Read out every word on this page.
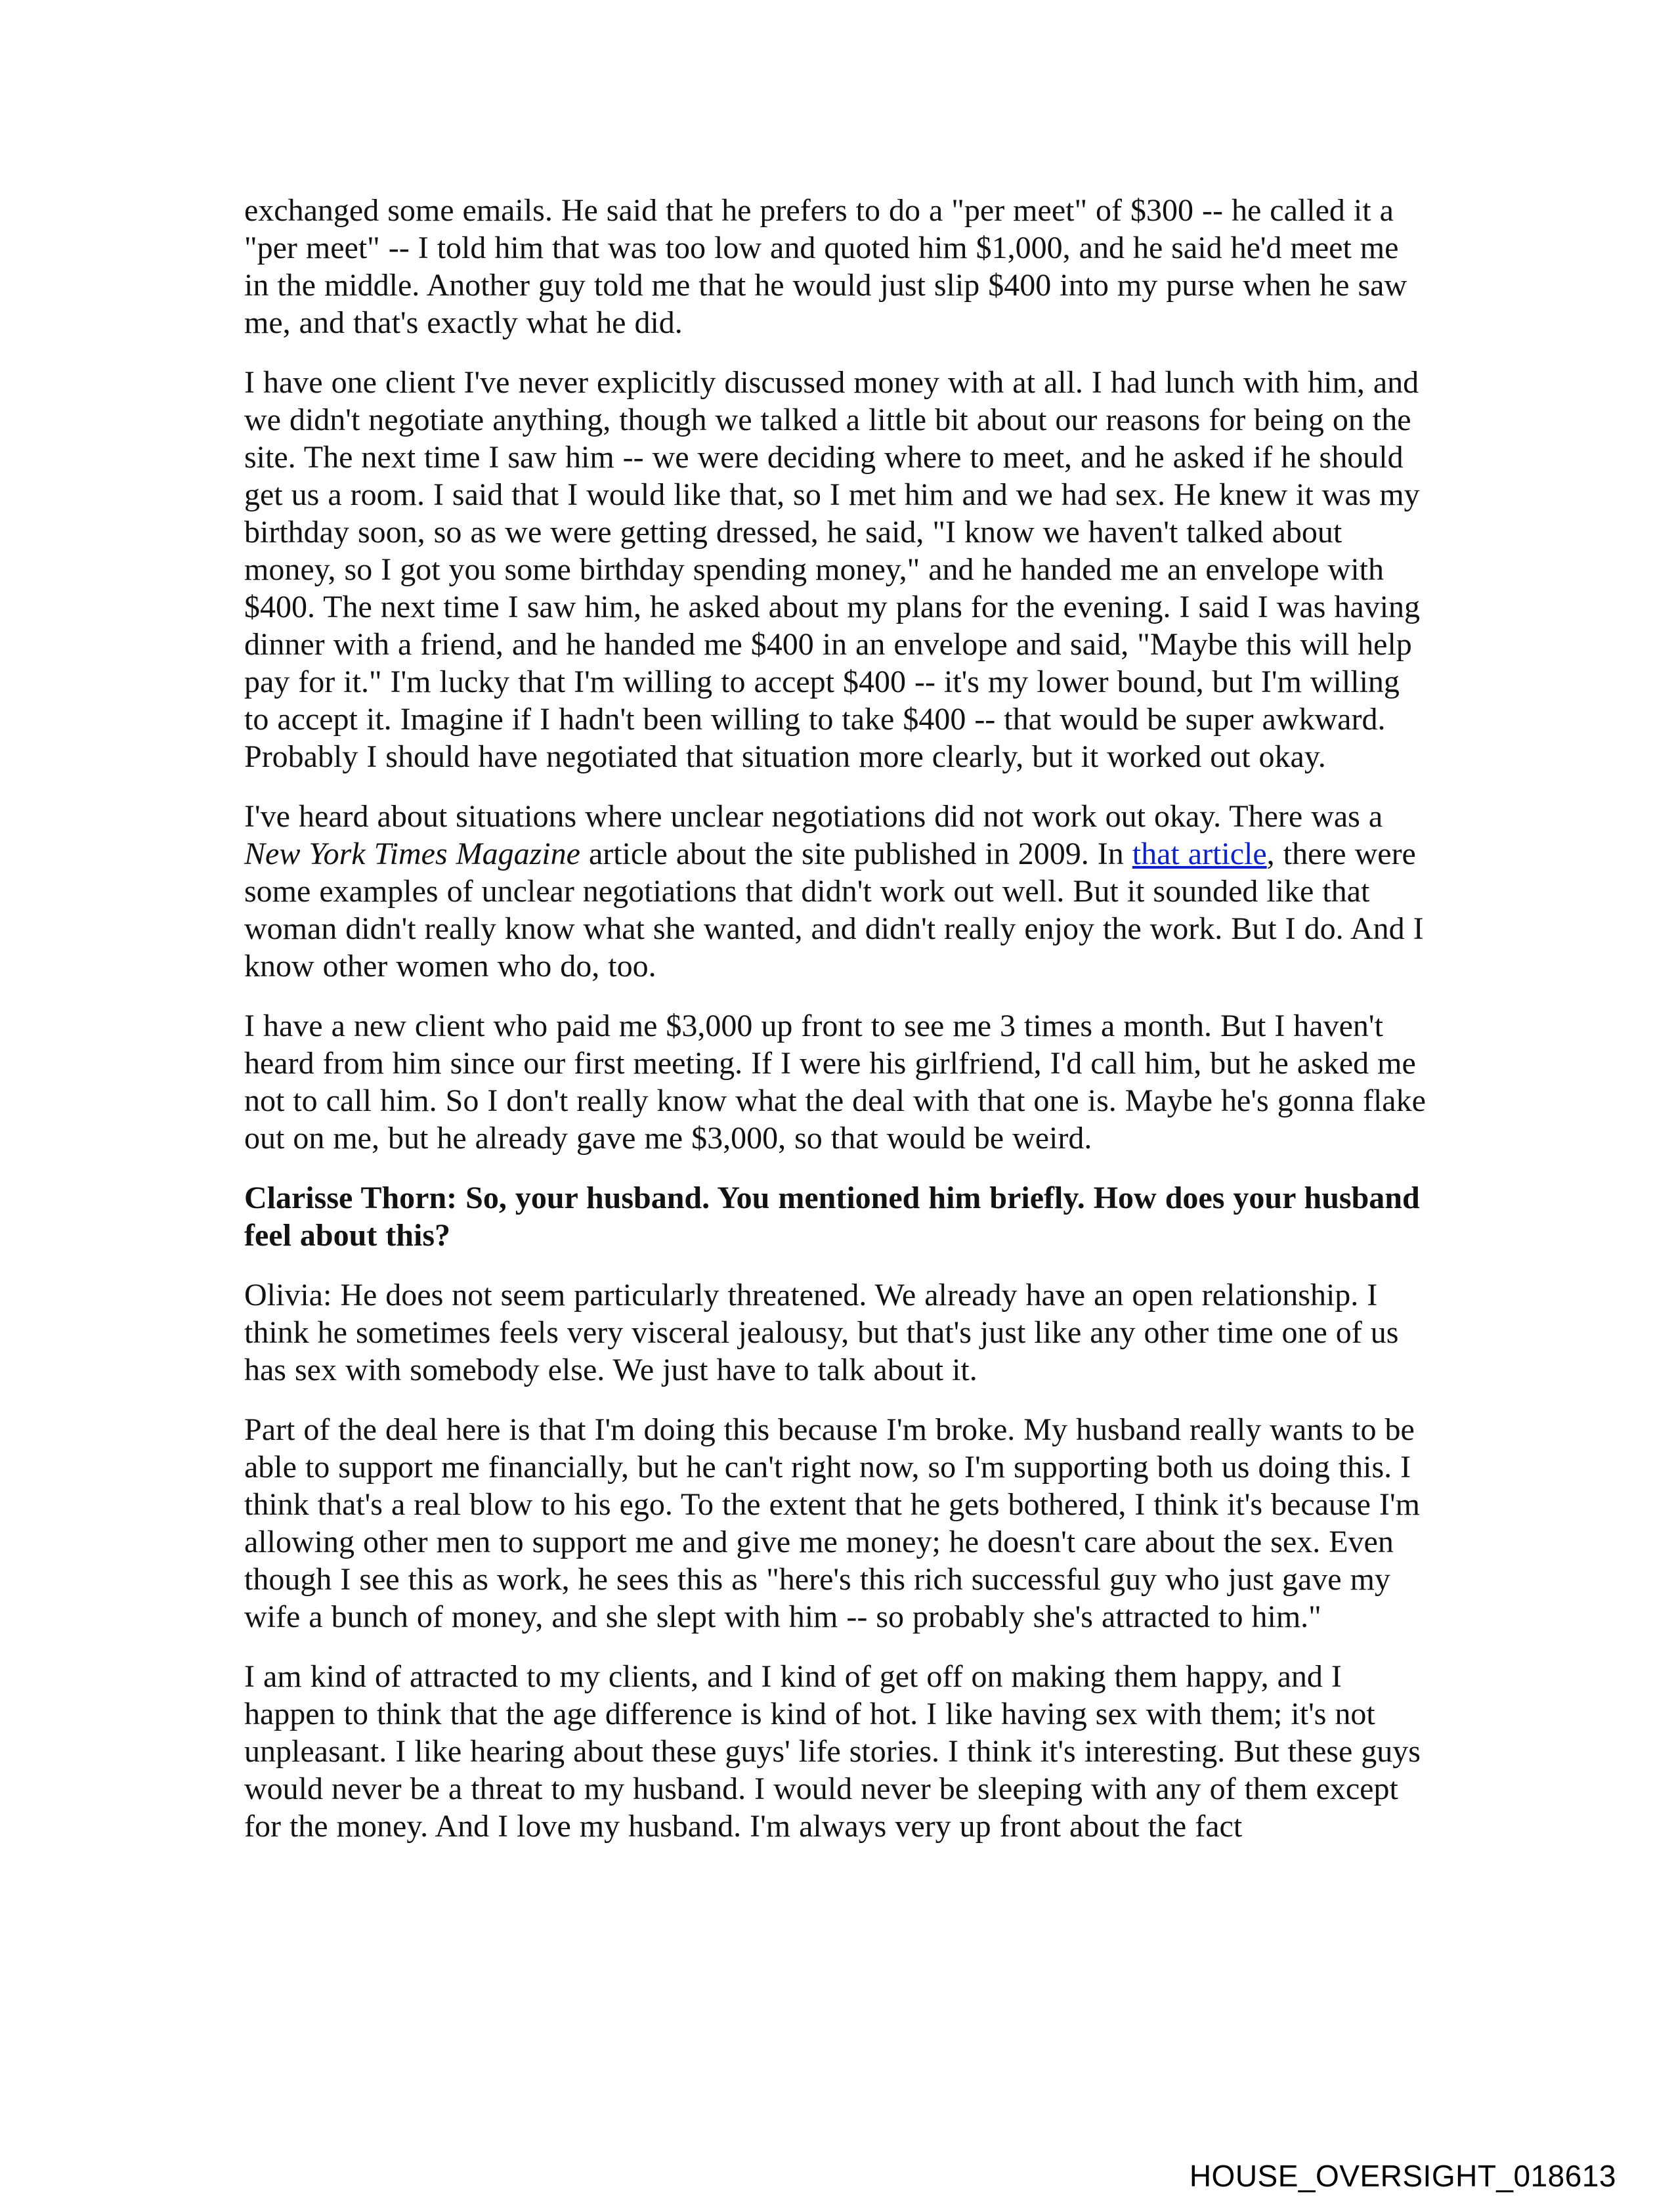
exchanged some emails. He said that he prefers to do a "per meet" of $300 -- he called it a "per meet" -- I told him that was too low and quoted him $1,000, and he said he'd meet me in the middle. Another guy told me that he would just slip $400 into my purse when he saw me, and that's exactly what he did.

I have one client I've never explicitly discussed money with at all. I had lunch with him, and we didn't negotiate anything, though we talked a little bit about our reasons for being on the site. The next time I saw him -- we were deciding where to meet, and he asked if he should get us a room. I said that I would like that, so I met him and we had sex. He knew it was my birthday soon, so as we were getting dressed, he said, "I know we haven't talked about money, so I got you some birthday spending money," and he handed me an envelope with $400. The next time I saw him, he asked about my plans for the evening. I said I was having dinner with a friend, and he handed me $400 in an envelope and said, "Maybe this will help pay for it." I'm lucky that I'm willing to accept $400 -- it's my lower bound, but I'm willing to accept it. Imagine if I hadn't been willing to take $400 -- that would be super awkward. Probably I should have negotiated that situation more clearly, but it worked out okay.

I've heard about situations where unclear negotiations did not work out okay. There was a New York Times Magazine article about the site published in 2009. In that article, there were some examples of unclear negotiations that didn't work out well. But it sounded like that woman didn't really know what she wanted, and didn't really enjoy the work. But I do. And I know other women who do, too.

I have a new client who paid me $3,000 up front to see me 3 times a month. But I haven't heard from him since our first meeting. If I were his girlfriend, I'd call him, but he asked me not to call him. So I don't really know what the deal with that one is. Maybe he's gonna flake out on me, but he already gave me $3,000, so that would be weird.

Clarisse Thorn: So, your husband. You mentioned him briefly. How does your husband feel about this?

Olivia: He does not seem particularly threatened. We already have an open relationship. I think he sometimes feels very visceral jealousy, but that's just like any other time one of us has sex with somebody else. We just have to talk about it.

Part of the deal here is that I'm doing this because I'm broke. My husband really wants to be able to support me financially, but he can't right now, so I'm supporting both us doing this. I think that's a real blow to his ego. To the extent that he gets bothered, I think it's because I'm allowing other men to support me and give me money; he doesn't care about the sex. Even though I see this as work, he sees this as "here's this rich successful guy who just gave my wife a bunch of money, and she slept with him -- so probably she's attracted to him."

I am kind of attracted to my clients, and I kind of get off on making them happy, and I happen to think that the age difference is kind of hot. I like having sex with them; it's not unpleasant. I like hearing about these guys' life stories. I think it's interesting. But these guys would never be a threat to my husband. I would never be sleeping with any of them except for the money. And I love my husband. I'm always very up front about the fact

HOUSE_OVERSIGHT_018613
